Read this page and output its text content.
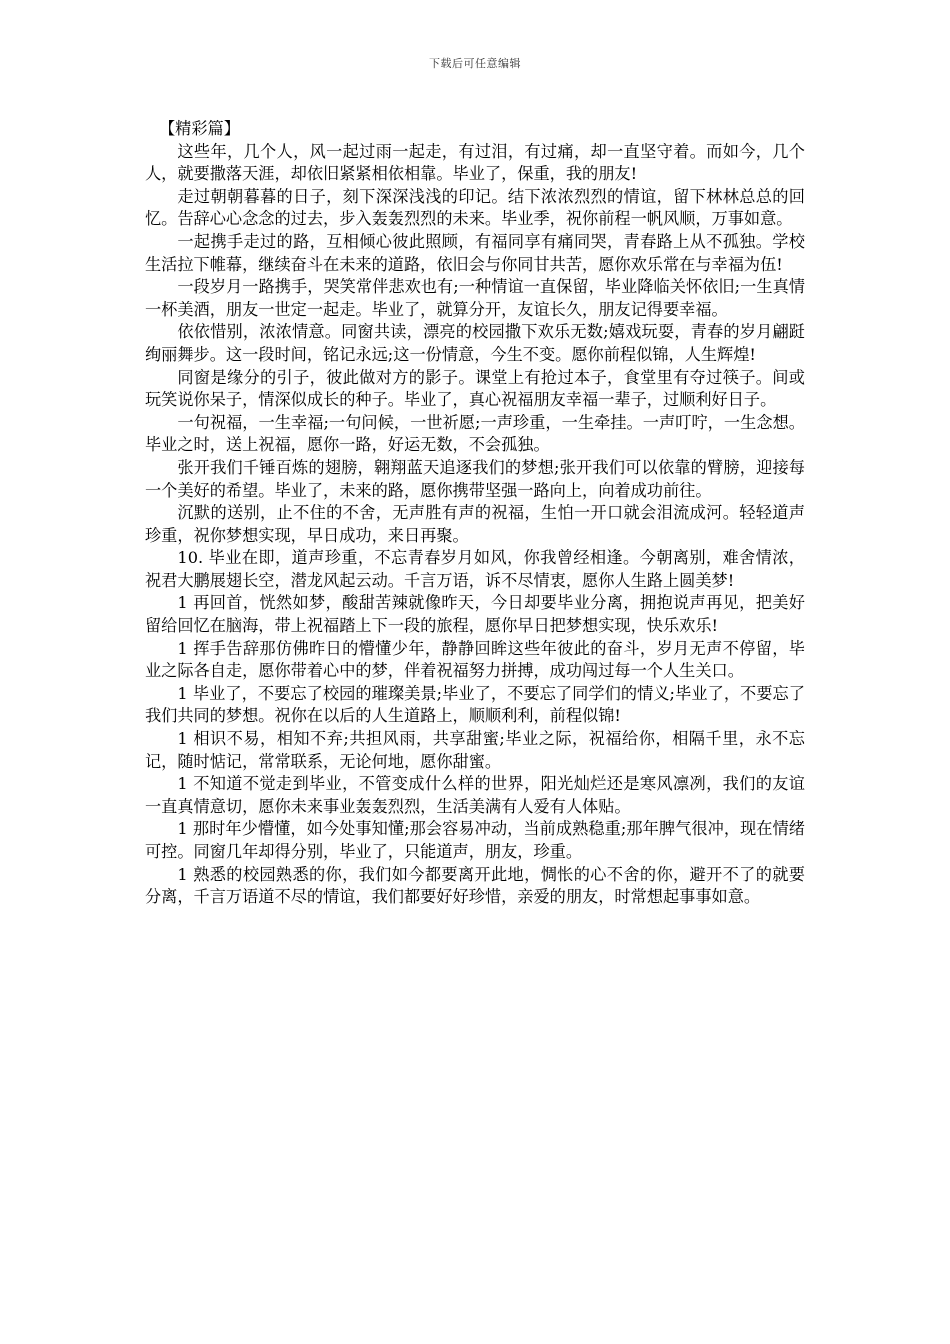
下载后可任意编辑

【精彩篇】

这些年，几个人，风一起过雨一起走，有过泪，有过痛，却一直坚守着。而如今，几个人，就要撒落天涯，却依旧紧紧相依相靠。毕业了，保重，我的朋友!

走过朝朝暮暮的日子，刻下深深浅浅的印记。结下浓浓烈烈的情谊，留下林林总总的回忆。告辞心心念念的过去，步入轰轰烈烈的未来。毕业季，祝你前程一帆风顺，万事如意。

一起携手走过的路，互相倾心彼此照顾，有福同享有痛同哭，青春路上从不孤独。学校生活拉下帷幕，继续奋斗在未来的道路，依旧会与你同甘共苦，愿你欢乐常在与幸福为伍!

一段岁月一路携手，哭笑常伴悲欢也有;一种情谊一直保留，毕业降临关怀依旧;一生真情一杯美酒，朋友一世定一起走。毕业了，就算分开，友谊长久，朋友记得要幸福。

依依惜别，浓浓情意。同窗共读，漂亮的校园撒下欢乐无数;嬉戏玩耍，青春的岁月翩跹绚丽舞步。这一段时间，铭记永远;这一份情意，今生不变。愿你前程似锦，人生辉煌!

同窗是缘分的引子，彼此做对方的影子。课堂上有抢过本子，食堂里有夺过筷子。间或玩笑说你呆子，情深似成长的种子。毕业了，真心祝福朋友幸福一辈子，过顺利好日子。

一句祝福，一生幸福;一句问候，一世祈愿;一声珍重，一生牵挂。一声叮咛，一生念想。毕业之时，送上祝福，愿你一路，好运无数，不会孤独。

张开我们千锤百炼的翅膀，翱翔蓝天追逐我们的梦想;张开我们可以依靠的臂膀，迎接每一个美好的希望。毕业了，未来的路，愿你携带坚强一路向上，向着成功前往。

沉默的送别，止不住的不舍，无声胜有声的祝福，生怕一开口就会泪流成河。轻轻道声珍重，祝你梦想实现，早日成功，来日再聚。

10. 毕业在即，道声珍重，不忘青春岁月如风，你我曾经相逢。今朝离别，难舍情浓，祝君大鹏展翅长空，潜龙风起云动。千言万语，诉不尽情衷，愿你人生路上圆美梦!

1 再回首，恍然如梦，酸甜苦辣就像昨天，今日却要毕业分离，拥抱说声再见，把美好留给回忆在脑海，带上祝福踏上下一段的旅程，愿你早日把梦想实现，快乐欢乐!

1 挥手告辞那仿佛昨日的懵懂少年，静静回眸这些年彼此的奋斗，岁月无声不停留，毕业之际各自走，愿你带着心中的梦，伴着祝福努力拼搏，成功闯过每一个人生关口。

1 毕业了，不要忘了校园的璀璨美景;毕业了，不要忘了同学们的情义;毕业了，不要忘了我们共同的梦想。祝你在以后的人生道路上，顺顺利利，前程似锦!

1 相识不易，相知不弃;共担风雨，共享甜蜜;毕业之际，祝福给你，相隔千里，永不忘记，随时惦记，常常联系，无论何地，愿你甜蜜。

1 不知道不觉走到毕业，不管变成什么样的世界，阳光灿烂还是寒风凛冽，我们的友谊一直真情意切，愿你未来事业轰轰烈烈，生活美满有人爱有人体贴。

1 那时年少懵懂，如今处事知懂;那会容易冲动，当前成熟稳重;那年脾气很冲，现在情绪可控。同窗几年却得分别，毕业了，只能道声，朋友，珍重。

1 熟悉的校园熟悉的你，我们如今都要离开此地，惆怅的心不舍的你，避开不了的就要分离，千言万语道不尽的情谊，我们都要好好珍惜，亲爱的朋友，时常想起事事如意。
